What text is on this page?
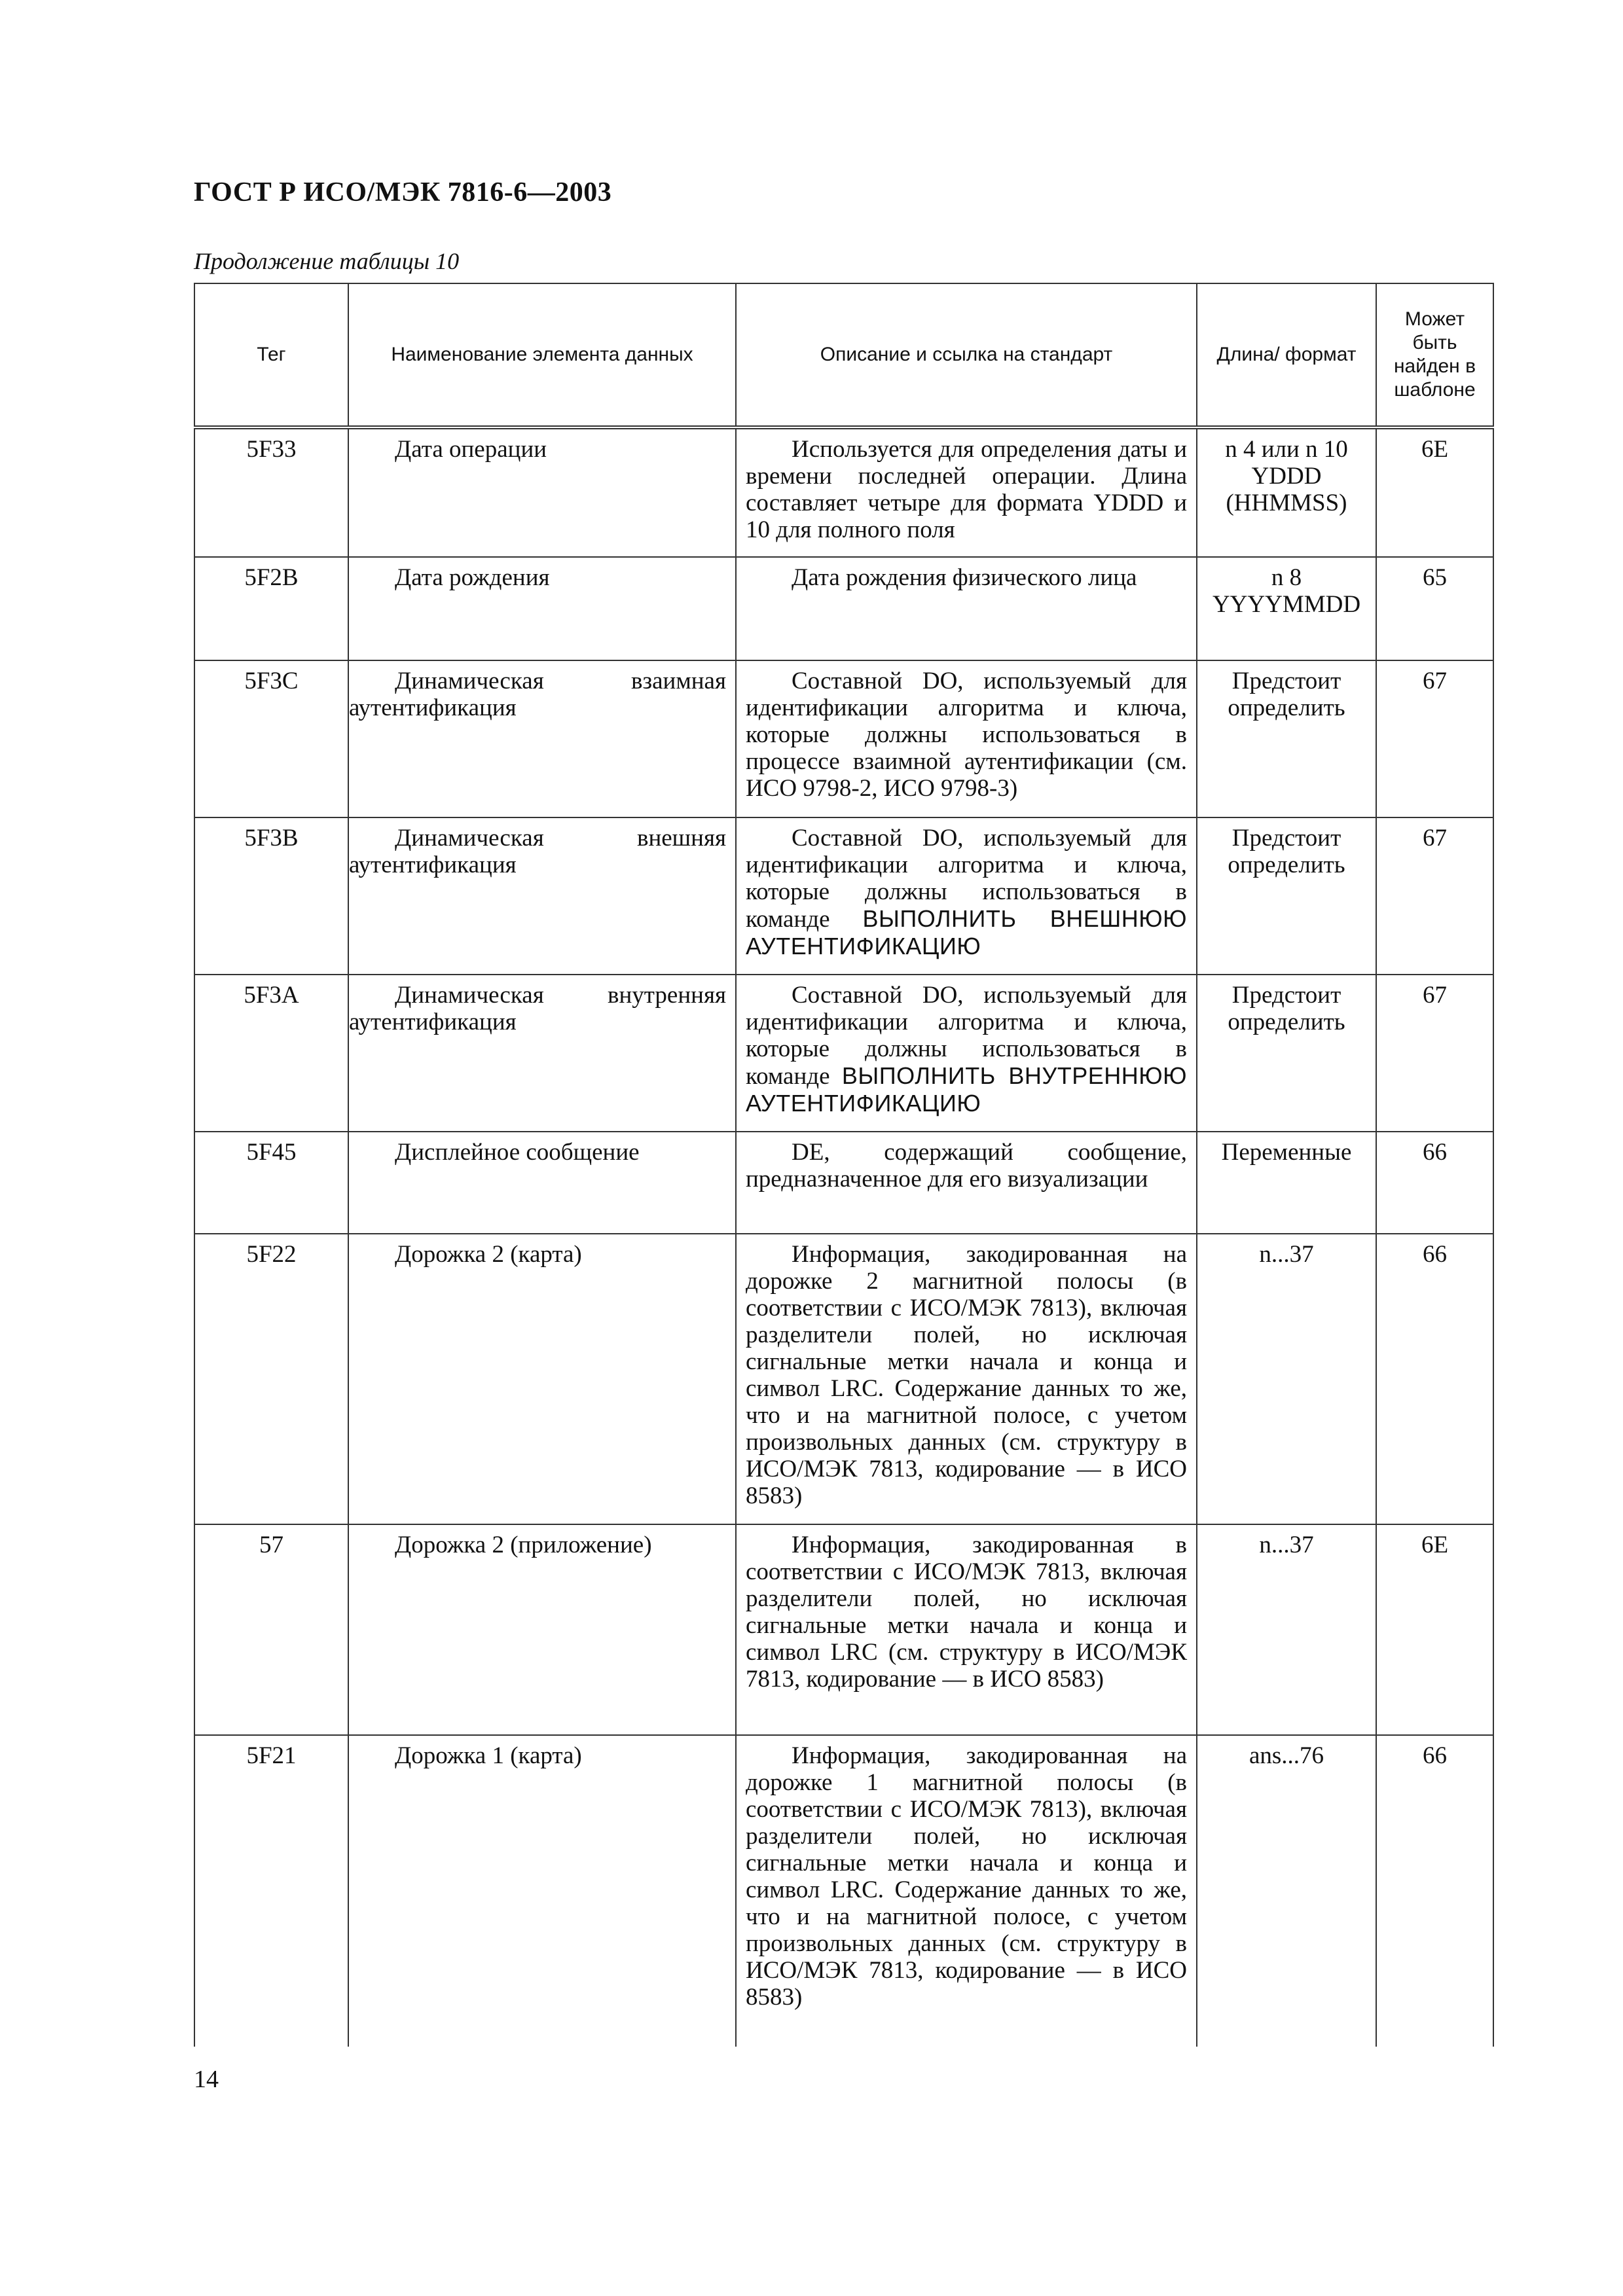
ГОСТ Р ИСО/МЭК 7816-6—2003
Продолжение таблицы 10
Тег	Наименование элемента данных	Описание и ссылка на стандарт	Длина/ формат	Может быть найден в шаблоне
5F33	Дата операции	Используется для определения даты и времени последней операции. Длина составляет четыре для формата YDDD и 10 для полного поля	n 4 или n 10 YDDD (HHMMSS)	6E
5F2B	Дата рождения	Дата рождения физического лица	n 8 YYYYMMDD	65
5F3C	Динамическая взаимная аутентификация	Составной DO, используемый для идентификации алгоритма и ключа, которые должны использоваться в процессе взаимной аутентификации (см. ИСО 9798-2, ИСО 9798-3)	Предстоит определить	67
5F3B	Динамическая внешняя аутентификация	Составной DO, используемый для идентификации алгоритма и ключа, которые должны использоваться в команде ВЫПОЛНИТЬ ВНЕШНЮЮ АУТЕНТИФИКАЦИЮ	Предстоит определить	67
5F3A	Динамическая внутренняя аутентификация	Составной DO, используемый для идентификации алгоритма и ключа, которые должны использоваться в команде ВЫПОЛНИТЬ ВНУТРЕННЮЮ АУТЕНТИФИКАЦИЮ	Предстоит определить	67
5F45	Дисплейное сообщение	DE, содержащий сообщение, предназначенное для его визуализации	Переменные	66
5F22	Дорожка 2 (карта)	Информация, закодированная на дорожке 2 магнитной полосы (в соответствии с ИСО/МЭК 7813), включая разделители полей, но исключая сигнальные метки начала и конца и символ LRC. Содержание данных то же, что и на магнитной полосе, с учетом произвольных данных (см. структуру в ИСО/МЭК 7813, кодирование — в ИСО 8583)	n...37	66
57	Дорожка 2 (приложение)	Информация, закодированная в соответствии с ИСО/МЭК 7813, включая разделители полей, но исключая сигнальные метки начала и конца и символ LRC (см. структуру в ИСО/МЭК 7813, кодирование — в ИСО 8583)	n...37	6E
5F21	Дорожка 1 (карта)	Информация, закодированная на дорожке 1 магнитной полосы (в соответствии с ИСО/МЭК 7813), включая разделители полей, но исключая сигнальные метки начала и конца и символ LRC. Содержание данных то же, что и на магнитной полосе, с учетом произвольных данных (см. структуру в ИСО/МЭК 7813, кодирование — в ИСО 8583)	ans...76	66
14
